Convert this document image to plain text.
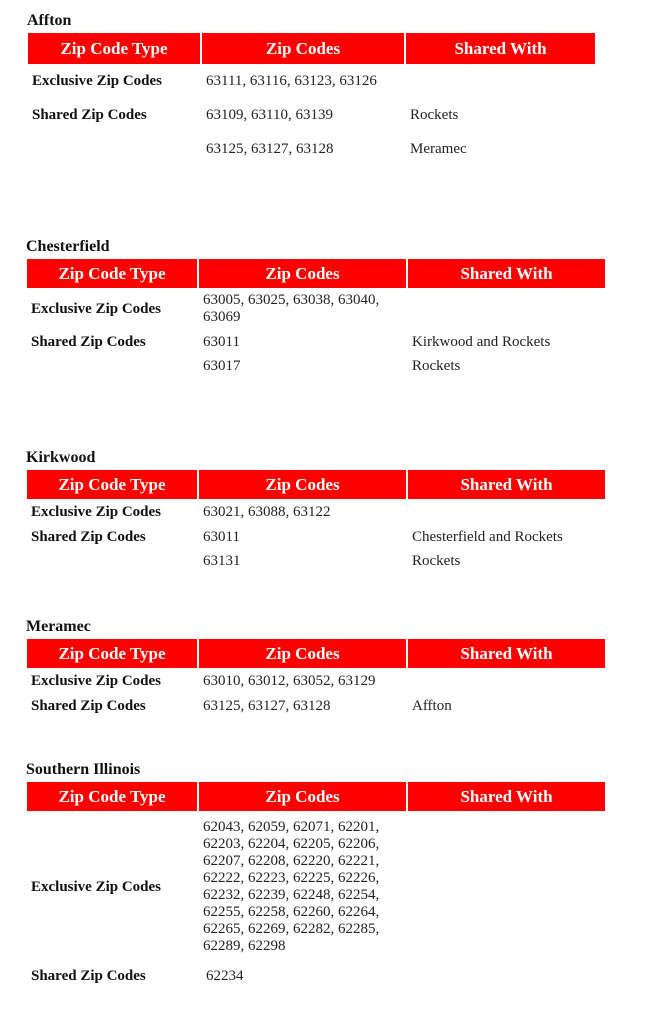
Affton
Zip Code Type	Zip Codes	Shared With
Exclusive Zip Codes	63111, 63116, 63123, 63126	
Shared Zip Codes	63109, 63110, 63139	Rockets
	63125, 63127, 63128	Meramec
Chesterfield
Zip Code Type	Zip Codes	Shared With
Exclusive Zip Codes	63005, 63025, 63038, 63040, 63069	

Shared Zip Codes	63011	Kirkwood and Rockets
	63017	Rockets
Kirkwood
Zip Code Type	Zip Codes	Shared With
Exclusive Zip Codes	63021, 63088, 63122	
Shared Zip Codes	63011	Chesterfield and Rockets
	63131	Rockets
Meramec
Zip Code Type	Zip Codes	Shared With
Exclusive Zip Codes	63010, 63012, 63052, 63129	
Shared Zip Codes	63125, 63127, 63128	Affton
Southern Illinois
Zip Code Type	Zip Codes	Shared With
Exclusive Zip Codes	62043, 62059, 62071, 62201, 62203, 62204, 62205, 62206, 62207, 62208, 62220, 62221, 62222, 62223, 62225, 62226, 62232, 62239, 62248, 62254, 62255, 62258, 62260, 62264, 62265, 62269, 62282, 62285, 62289, 62298	

Shared Zip Codes	62234	
